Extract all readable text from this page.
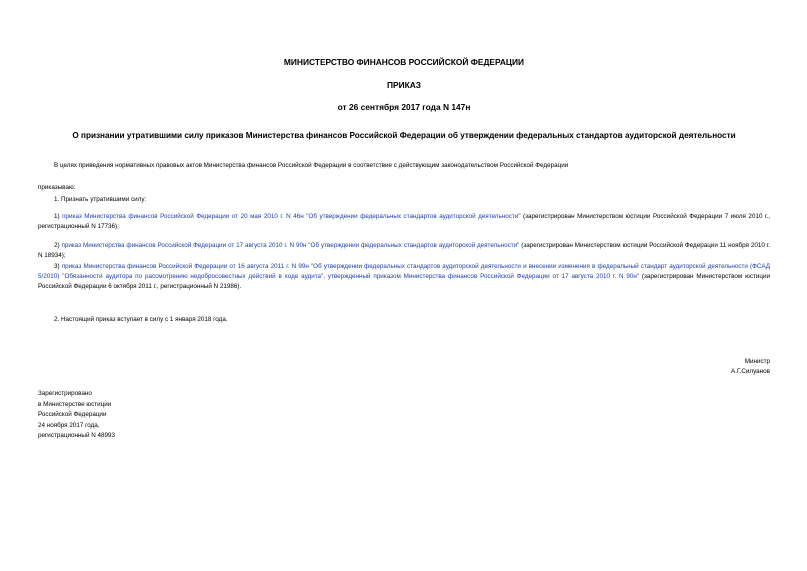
МИНИСТЕРСТВО ФИНАНСОВ РОССИЙСКОЙ ФЕДЕРАЦИИ
ПРИКАЗ
от 26 сентября 2017 года N 147н
О признании утратившими силу приказов Министерства финансов Российской Федерации об утверждении федеральных стандартов аудиторской деятельности
В целях приведения нормативных правовых актов Министерства финансов Российской Федерации в соответствие с действующим законодательством Российской Федерации
приказываю:
1. Признать утратившими силу:
1) приказ Министерства финансов Российской Федерации от 20 мая 2010 г. N 46н "Об утверждении федеральных стандартов аудиторской деятельности" (зарегистрирован Министерством юстиции Российской Федерации 7 июля 2010 г., регистрационный N 17736);
2) приказ Министерства финансов Российской Федерации от 17 августа 2010 г. N 90н "Об утверждении федеральных стандартов аудиторской деятельности" (зарегистрирован Министерством юстиции Российской Федерации 11 ноября 2010 г. N 18934);
3) приказ Министерства финансов Российской Федерации от 16 августа 2011 г. N 99н "Об утверждении федеральных стандартов аудиторской деятельности и внесении изменения в федеральный стандарт аудиторской деятельности (ФСАД 5/2010) "Обязанности аудитора по рассмотрению недобросовестных действий в ходе аудита", утвержденный приказом Министерства финансов Российской Федерации от 17 августа 2010 г. N 90н" (зарегистрирован Министерством юстиции Российской Федерации 6 октября 2011 г., регистрационный N 21986).
2. Настоящий приказ вступает в силу с 1 января 2018 года.
Министр
А.Г.Силуанов
Зарегистрировано
в Министерстве юстиции
Российской Федерации
24 ноября 2017 года,
регистрационный N 48993
